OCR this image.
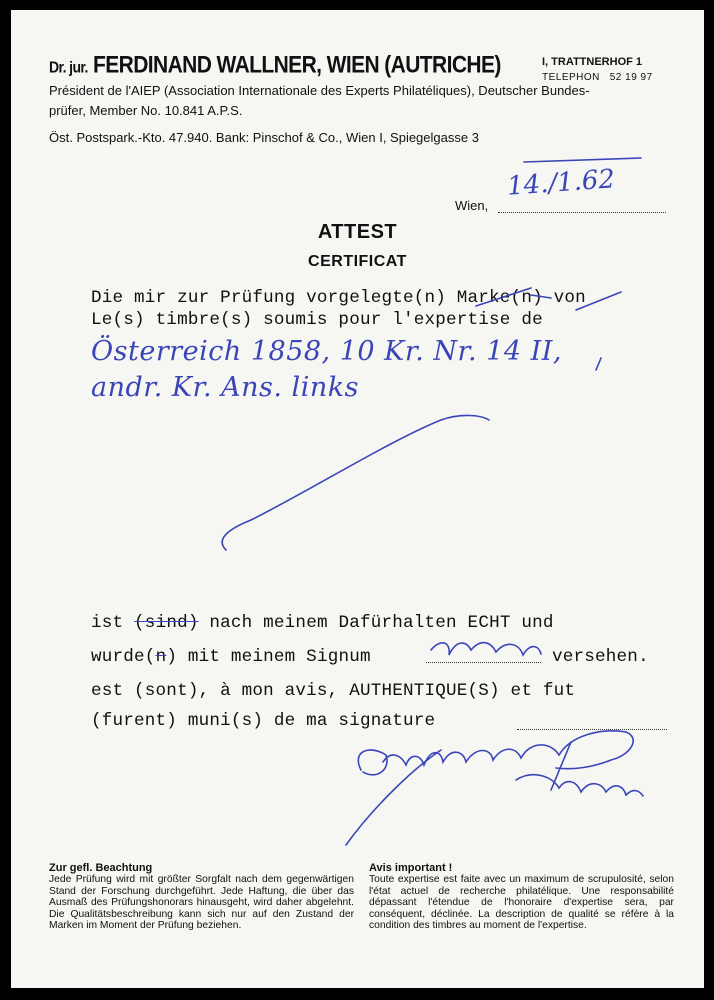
Dr. jur. FERDINAND WALLNER, WIEN (AUTRICHE)	I, TRATTNERHOF 1
TELEPHON 52 19 97
Président de l'AIEP (Association Internationale des Experts Philatéliques), Deutscher Bundes-
prüfer, Member No. 10.841 A.P.S.
Öst. Postspark.-Kto. 47.940. Bank: Pinschof & Co., Wien I, Spiegelgasse 3
Wien,
14./1.62
ATTEST
CERTIFICAT
Die mir zur Prüfung vorgelegte(n) Marke(n) von
Le(s) timbre(s) soumis pour l'expertise de
Österreich 1858, 10 Kr. Nr. 14 II,
andr. Kr. Ans. links
ist (sind) nach meinem Dafürhalten ECHT und
wurde(n) mit meinem Signum	versehen.
est (sont), à mon avis, AUTHENTIQUE(S) et fut
(furent) muni(s) de ma signature
Zur gefl. Beachtung
Jede Prüfung wird mit größter Sorgfalt nach dem gegenwärtigen Stand der Forschung durchgeführt. Jede Haftung, die über das Ausmaß des Prüfungshonorars hinausgeht, wird daher abgelehnt. Die Qualitätsbeschreibung kann sich nur auf den Zustand der Marken im Moment der Prüfung beziehen.
Avis important !
Toute expertise est faite avec un maximum de scrupulosité, selon l'état actuel de recherche philatélique. Une responsabilité dépassant l'étendue de l'honoraire d'expertise sera, par conséquent, déclinée. La description de qualité se réfère à la condition des timbres au moment de l'expertise.
